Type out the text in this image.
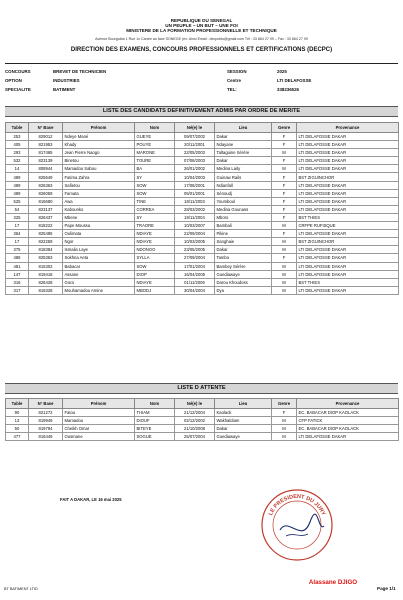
REPUBLIQUE DU SENEGAL
UN PEUPLE – UN BUT – UNE FOI
MINISTERE DE LA FORMATION PROFESSIONNELLE ET TECHNIQUE
Avenue Bourguiba 1 Rue 1x Cantre au face SONEGE (ex: Ainsi Email : decpcbts@gmail.com Tél : 33 864 27 99 – Fax : 33 864 27 99
DIRECTION DES EXAMENS, CONCOURS PROFESSIONNELS ET CERTIFICATIONS (DECPC)
CONCOURS	BREVET DE TECHNICIEN
OPTION	INDUSTRIES
SPECIALITE	BATIMENT
SESSION	2025
Centre	LTI DELAFOSSE
TEL:	338236526
LISTE DES CANDIDATS DEFINITIVEMENT ADMIS PAR ORDRE DE MERITE
Table	N° Base	Prénom	Nom	Né(e) le	Lieu	Genre	Provenance
253	829012	Ndeye Mané	GUEYE	09/07/2002	Dakar	F	LTI DELAFOSSE DAKAR
405	821953	Khady	POUYE	20/11/2001	Ndayane	F	LTI DELAFOSSE DAKAR
293	817465	Jean Pierre Naogo	MARONE	22/05/2003	Taltaguine Sérère	M	LTI DELAFOSSE DAKAR
532	823139	Binetou	TOURE	07/08/2003	Dakar	F	LTI DELAFOSSE DAKAR
14	808944	Mamadou Sabou	BA	26/01/2002	Medina Laity	M	LTI DELAFOSSE DAKAR
489	825649	Fatima Zahra	SY	10/04/2003	Guinaw Rails	F	BST ZIGUINCHOR
489	826363	Safietou	SOW	17/08/2001	Ndianfall	F	LTI DELAFOSSE DAKAR
489	826059	Famata	SOW	05/01/2001	Sénoudj	F	LTI DELAFOSSE DAKAR
525	816680	Awa	TINE	18/11/2003	Youmboul	F	LTI DELAFOSSE DAKAR
54	823137	Kabounko	CORREA	28/03/2002	Medina Gounass	F	LTI DELAFOSSE DAKAR
325	826437	Mbene	SY	19/11/2004	Mboro	F	BST THIES
17	818222	Pape Moussa	TRAORE	10/03/2007	Bambali	M	CRFPE RUFISQUE
364	825495	Oulimata	NDIAYE	22/09/2004	Pikine	F	LTI DELAFOSSE DAKAR
17	822259	Ngor	NDIAYE	10/03/2005	Sanghaie	M	BST ZIGUINCHOR
375	818384	Ismaila Laye	NDONGO	23/05/2005	Dakar	M	LTI DELAFOSSE DAKAR
486	825363	Sokhna Aeta	SYLLA	27/09/2004	Tambo	F	LTI DELAFOSSE DAKAR
481	815302	Babacar	SOW	17/01/2004	Bambey Sérère	M	LTI DELAFOSSE DAKAR
147	819418	Assane	DIOP	16/04/2005	Guediawaye	M	LTI DELAFOSSE DAKAR
316	826428	Gora	NDIAYE	01/11/2006	Darou Khoudoss	M	BST THIES
317	816328	Mouhamadou Amine	MBODJ	30/04/2004	Dya	M	LTI DELAFOSSE DAKAR
LISTE D ATTENTE
Table	N° Base	Prénom	Nom	Né(e) le	Lieu	Genre	Provenance
90	821272	Fatou	THIAM	21/12/2004	Kaolack	F	EC. BABACAR DIOP KAOLACK
13	819949	Mamadou	DIOUF	02/12/2002	Wakhaldiam	M	CFP FATICK
50	819794	Cheikh Omar	BITEYE	21/10/2008	Dakar	M	EC. BABACAR DIOP KAOLACK
477	816449	Ousmane	SOGUE	25/07/2004	Guediawaye	M	LTI DELAFOSSE DAKAR
FAIT A DAKAR, LE 16 mai 2025
LE PRESIDENT DU JURY
Alassane DJIGO
BT BATIMENT LTID	Page 1/1
